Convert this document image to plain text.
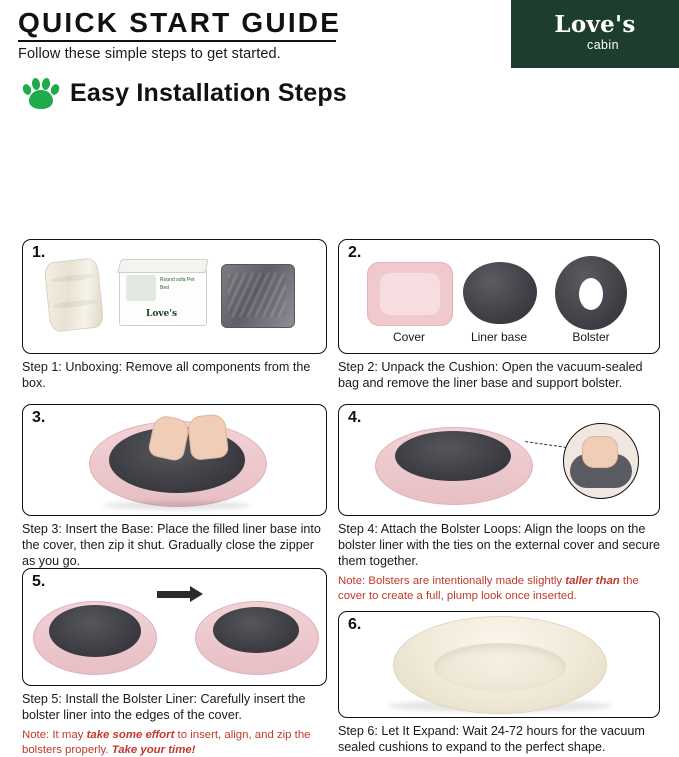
QUICK START GUIDE
Follow these simple steps to get started.
Love's
cabin
Easy Installation Steps
1.
Round sofa Pet Bed
Love's

Step 1: Unboxing: Remove all components from the box.

2.
Cover	Liner base	Bolster

Step 2: Unpack the Cushion: Open the vacuum-sealed bag and remove the liner base and support bolster.

3.

Step 3: Insert the Base: Place the filled liner base into the cover, then zip it shut. Gradually close the zipper as you go.

4.

Step 4: Attach the Bolster Loops: Align the loops on the bolster liner with the ties on the external cover and secure them together.

Note: Bolsters are intentionally made slightly taller than the cover to create a full, plump look once inserted.

5.

Step 5: Install the Bolster Liner: Carefully insert the bolster liner into the edges of the cover.

Note: It may take some effort to insert, align, and zip the bolsters properly. Take your time!

6.

Step 6: Let It Expand: Wait 24-72 hours for the vacuum sealed cushions to expand to the perfect shape.
